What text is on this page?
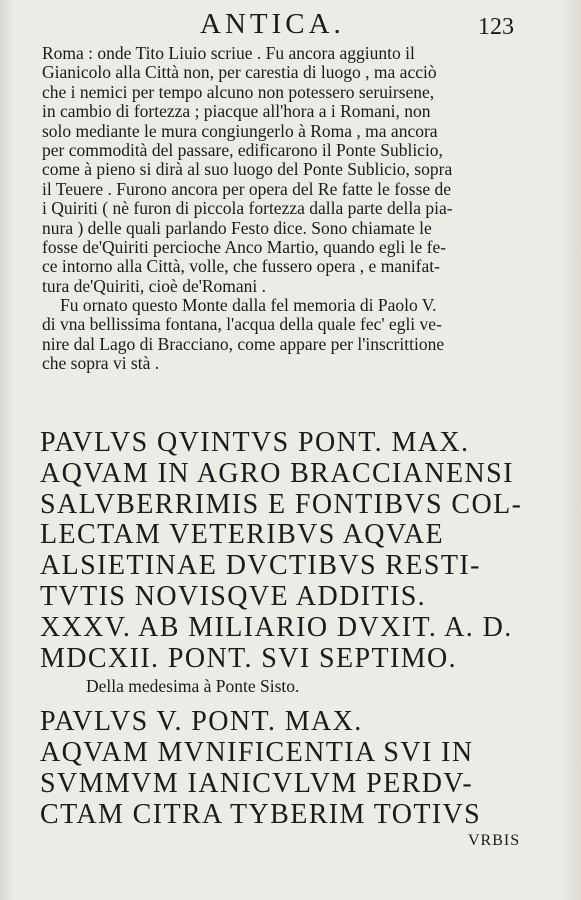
ANTICA.	123
Roma : onde Tito Liuio scriue . Fu ancora aggiunto il
Gianicolo alla Città non, per carestia di luogo , ma acciò
che i nemici per tempo alcuno non potessero seruirsene,
in cambio di fortezza ; piacque all'hora a i Romani, non
solo mediante le mura congiungerlo à Roma , ma ancora
per commodità del passare, edificarono il Ponte Sublicio,
come à pieno si dirà al suo luogo del Ponte Sublicio, sopra
il Teuere . Furono ancora per opera del Re fatte le fosse de
i Quiriti ( nè furon di piccola fortezza dalla parte della pia-
nura ) delle quali parlando Festo dice. Sono chiamate le
fosse de'Quiriti percioche Anco Martio, quando egli le fe-
ce intorno alla Città, volle, che fussero opera , e manifat-
tura de'Quiriti, cioè de'Romani .
Fu ornato questo Monte dalla fel memoria di Paolo V.
di vna bellissima fontana, l'acqua della quale fec' egli ve-
nire dal Lago di Bracciano, come appare per l'inscrittione
che sopra vi stà .
PAVLVS QVINTVS PONT. MAX.
AQVAM IN AGRO BRACCIANENSI
SALVBERRIMIS E FONTIBVS COL-
LECTAM VETERIBVS AQVAE
ALSIETINAE DVCTIBVS RESTI-
TVTIS NOVISQVE ADDITIS.
XXXV. AB MILIARIO DVXIT. A. D.
MDCXII. PONT. SVI SEPTIMO.
Della medesima à Ponte Sisto.
PAVLVS V. PONT. MAX.
AQVAM MVNIFICENTIA SVI IN
SVMMVM IANICVLVM PERDV-
CTAM CITRA TYBERIM TOTIVS
VRBIS
